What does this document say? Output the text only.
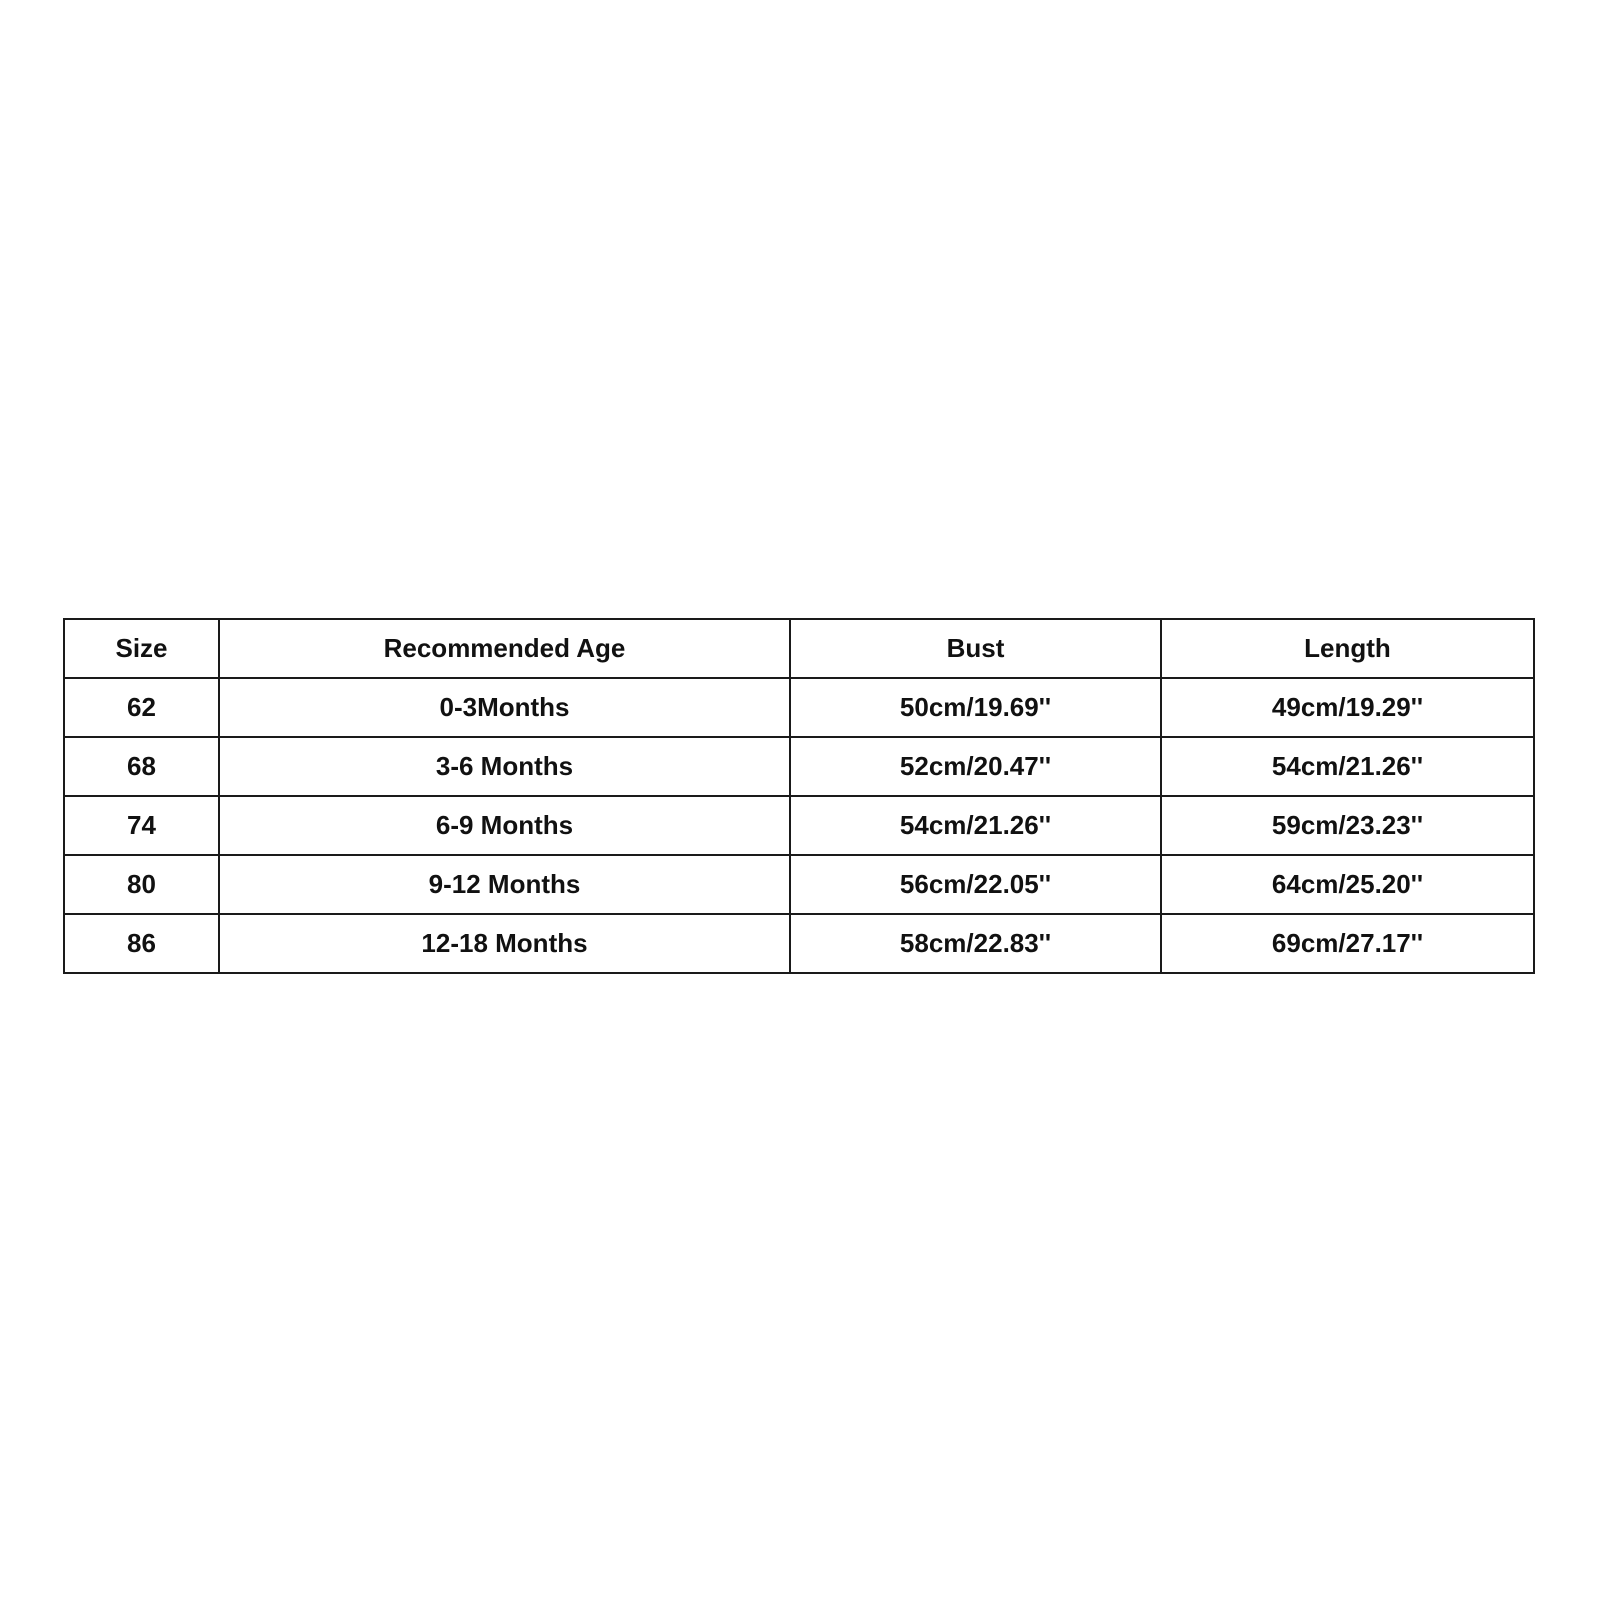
Size	Recommended Age	Bust	Length
62	0-3Months	50cm/19.69''	49cm/19.29''
68	3-6 Months	52cm/20.47''	54cm/21.26''
74	6-9 Months	54cm/21.26''	59cm/23.23''
80	9-12 Months	56cm/22.05''	64cm/25.20''
86	12-18 Months	58cm/22.83''	69cm/27.17''
